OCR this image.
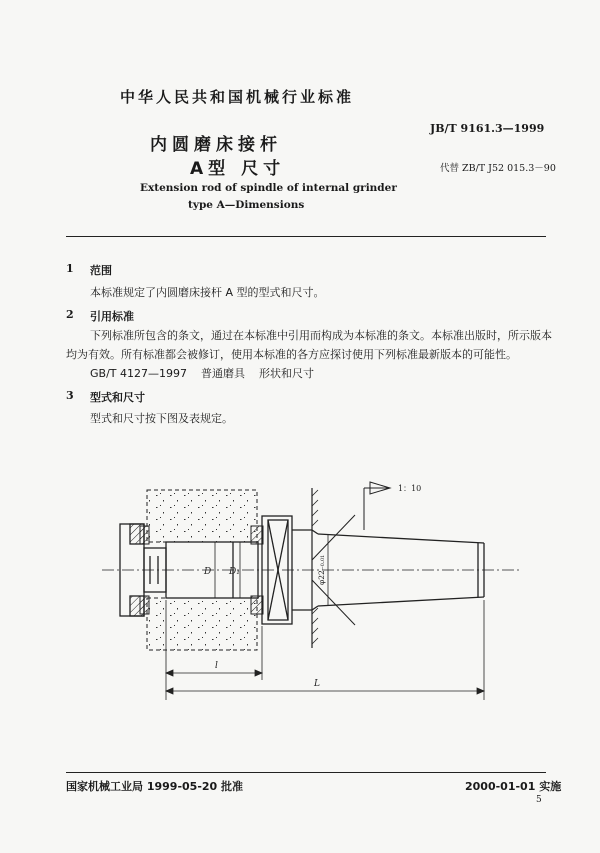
中华人民共和国机械行业标准
JB/T 9161.3—1999
内圆磨床接杆
A型 尺寸	代替 ZB/T J52 015.3－90
Extension rod of spindle of internal grinder
type A—Dimensions
1 范围
本标准规定了内圆磨床接杆 A 型的型式和尺寸。
2 引用标准
下列标准所包含的条文，通过在本标准中引用而构成为本标准的条文。本标准出版时，所示版本
均为有效。所有标准都会被修订，使用本标准的各方应探讨使用下列标准最新版本的可能性。
GB/T 4127—1997    普通磨具    形状和尺寸
3 型式和尺寸
型式和尺寸按下图及表规定。
1：10
D D₁	φ22₋₀.₀₁
l
L
国家机械工业局 1999-05-20 批准	2000-01-01 实施
5
